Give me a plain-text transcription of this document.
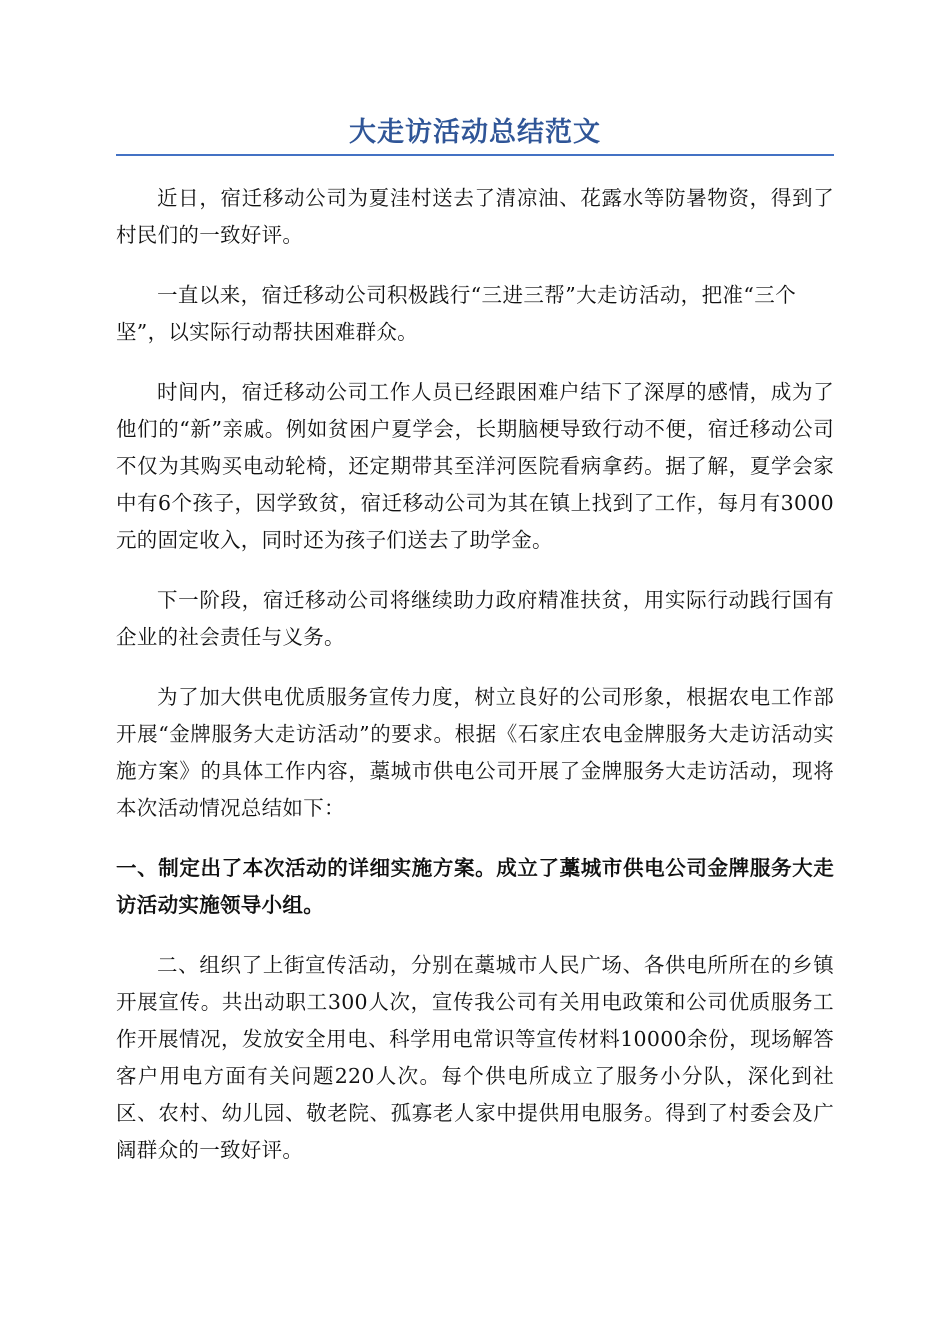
大走访活动总结范文

近日，宿迁移动公司为夏洼村送去了清凉油、花露水等防暑物资，得到了村民们的一致好评。

一直以来，宿迁移动公司积极践行“三进三帮”大走访活动，把准“三个坚”，以实际行动帮扶困难群众。

时间内，宿迁移动公司工作人员已经跟困难户结下了深厚的感情，成为了他们的“新”亲戚。例如贫困户夏学会，长期脑梗导致行动不便，宿迁移动公司不仅为其购买电动轮椅，还定期带其至洋河医院看病拿药。据了解，夏学会家中有6个孩子，因学致贫，宿迁移动公司为其在镇上找到了工作，每月有3000元的固定收入，同时还为孩子们送去了助学金。

下一阶段，宿迁移动公司将继续助力政府精准扶贫，用实际行动践行国有企业的社会责任与义务。

为了加大供电优质服务宣传力度，树立良好的公司形象，根据农电工作部开展“金牌服务大走访活动”的要求。根据《石家庄农电金牌服务大走访活动实施方案》的具体工作内容，藁城市供电公司开展了金牌服务大走访活动，现将本次活动情况总结如下：

一、制定出了本次活动的详细实施方案。成立了藁城市供电公司金牌服务大走访活动实施领导小组。

二、组织了上街宣传活动，分别在藁城市人民广场、各供电所所在的乡镇开展宣传。共出动职工300人次，宣传我公司有关用电政策和公司优质服务工作开展情况，发放安全用电、科学用电常识等宣传材料10000余份，现场解答客户用电方面有关问题220人次。每个供电所成立了服务小分队，深化到社区、农村、幼儿园、敬老院、孤寡老人家中提供用电服务。得到了村委会及广阔群众的一致好评。
